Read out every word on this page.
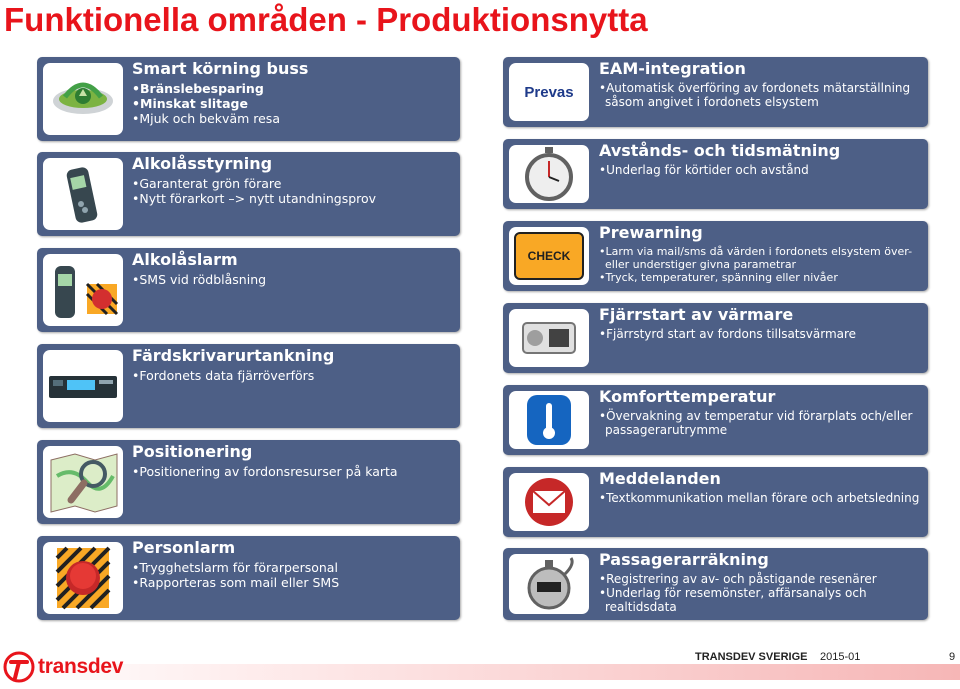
Funktionella områden - Produktionsnytta

Smart körning buss

• Bränslebesparing
• Minskat slitage
• Mjuk och bekväm resa

Alkolåsstyrning

• Garanterat grön förare
• Nytt förarkort –> nytt utandningsprov

Alkolåslarm

• SMS vid rödblåsning

Färdskrivarurtankning

• Fordonets data fjärröverförs

Positionering

• Positionering av fordonsresurser på karta

Personlarm

• Trygghetslarm för förarpersonal
• Rapporteras som mail eller SMS
Prevas

EAM-integration

• Automatisk överföring av fordonets mätarställning såsom angivet i fordonets elsystem

Avstånds- och tidsmätning

• Underlag för körtider och avstånd
CHECK

Prewarning

• Larm via mail/sms då värden i fordonets elsystem över- eller understiger givna parametrar
• Tryck, temperaturer, spänning eller nivåer

Fjärrstart av värmare

• Fjärrstyrd start av fordons tillsatsvärmare

Komforttemperatur

• Övervakning av temperatur vid förarplats och/eller passagerarutrymme

Meddelanden

• Textkommunikation mellan förare och arbetsledning

Passagerarräkning

• Registrering av av- och påstigande resenärer
• Underlag för resemönster, affärsanalys och realtidsdata
transdev	TRANSDEV SVERIGE 2015-01	9
